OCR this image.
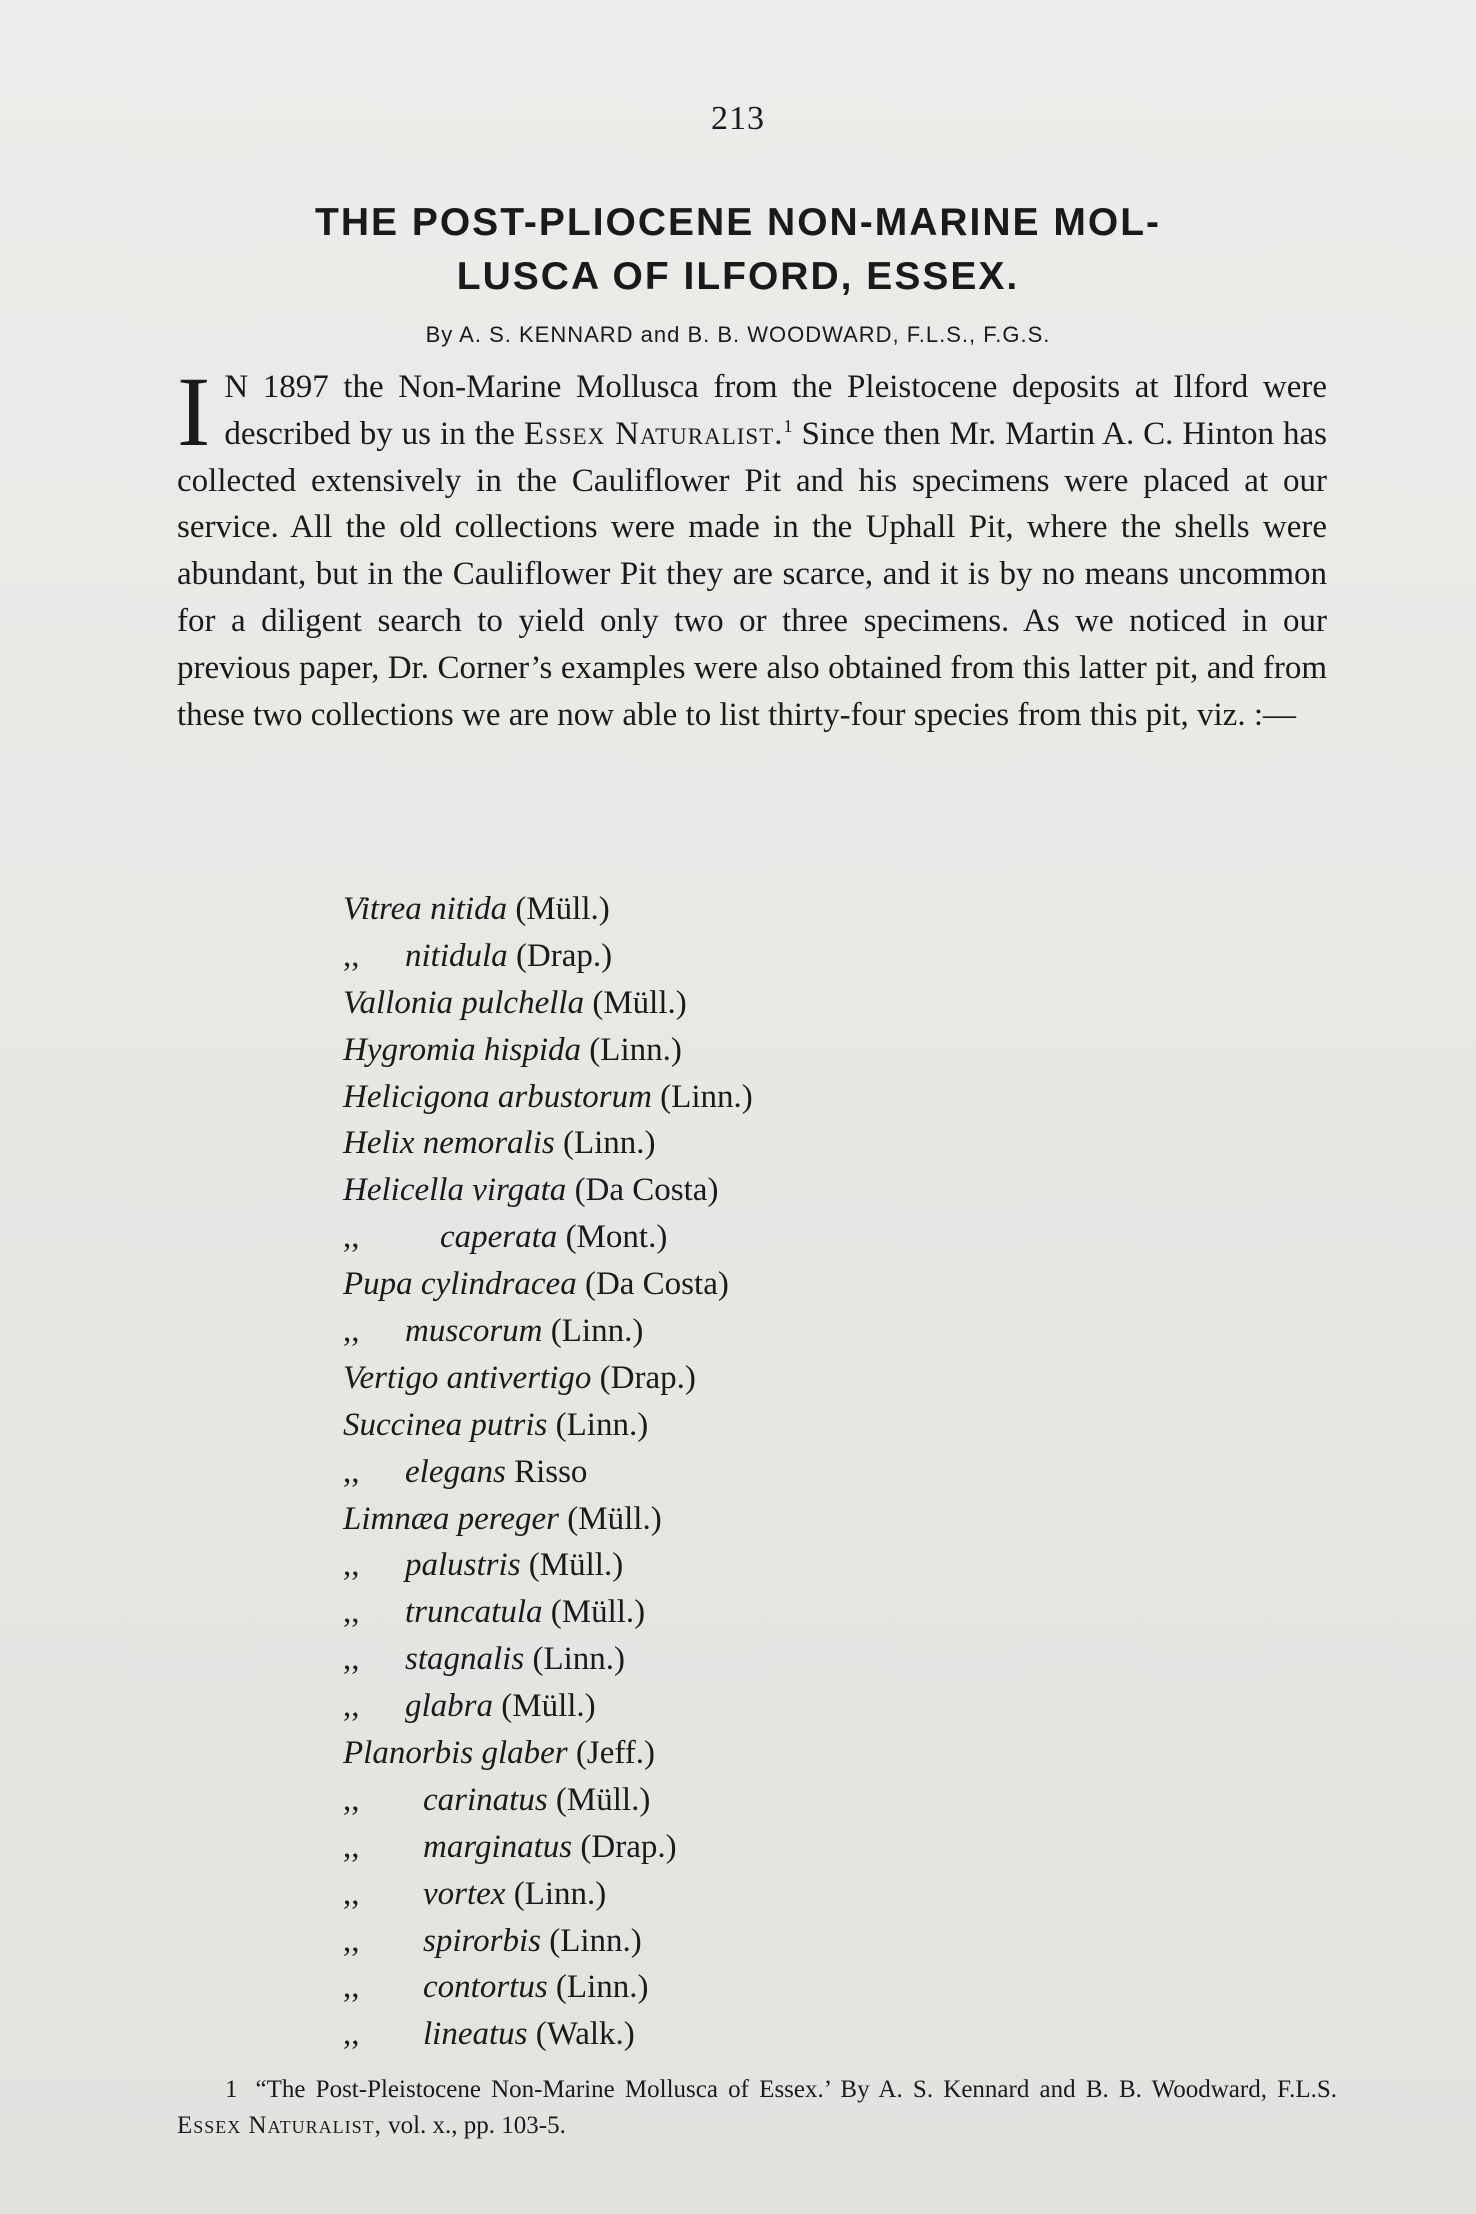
213
THE POST-PLIOCENE NON-MARINE MOL-
LUSCA OF ILFORD, ESSEX.
By A. S. KENNARD and B. B. WOODWARD, F.L.S., F.G.S.

I N 1897 the Non-Marine Mollusca from the Pleistocene deposits at Ilford were described by us in the Essex Naturalist.$^1$ Since then Mr. Martin A. C. Hinton has collected extensively in the Cauliflower Pit and his specimens were placed at our service. All the old collections were made in the Uphall Pit, where the shells were abundant, but in the Cauliflower Pit they are scarce, and it is by no means uncommon for a diligent search to yield only two or three specimens. As we noticed in our previous paper, Dr. Corner’s examples were also obtained from this latter pit, and from these two collections we are now able to list thirty-four species from this pit, viz. :—

Vitrea nitida (Müll.)
,, nitidula (Drap.)
Vallonia pulchella (Müll.)
Hygromia hispida (Linn.)
Helicigona arbustorum (Linn.)
Helix nemoralis (Linn.)
Helicella virgata (Da Costa)
,, caperata (Mont.)
Pupa cylindracea (Da Costa)
,, muscorum (Linn.)
Vertigo antivertigo (Drap.)
Succinea putris (Linn.)
,, elegans Risso
Limnæa pereger (Müll.)
,, palustris (Müll.)
,, truncatula (Müll.)
,, stagnalis (Linn.)
,, glabra (Müll.)
Planorbis glaber (Jeff.)
,, carinatus (Müll.)
,, marginatus (Drap.)
,, vortex (Linn.)
,, spirorbis (Linn.)
,, contortus (Linn.)
,, lineatus (Walk.)
1 “The Post-Pleistocene Non-Marine Mollusca of Essex.’ By A. S. Kennard and B. B. Woodward, F.L.S. Essex Naturalist, vol. x., pp. 103-5.
